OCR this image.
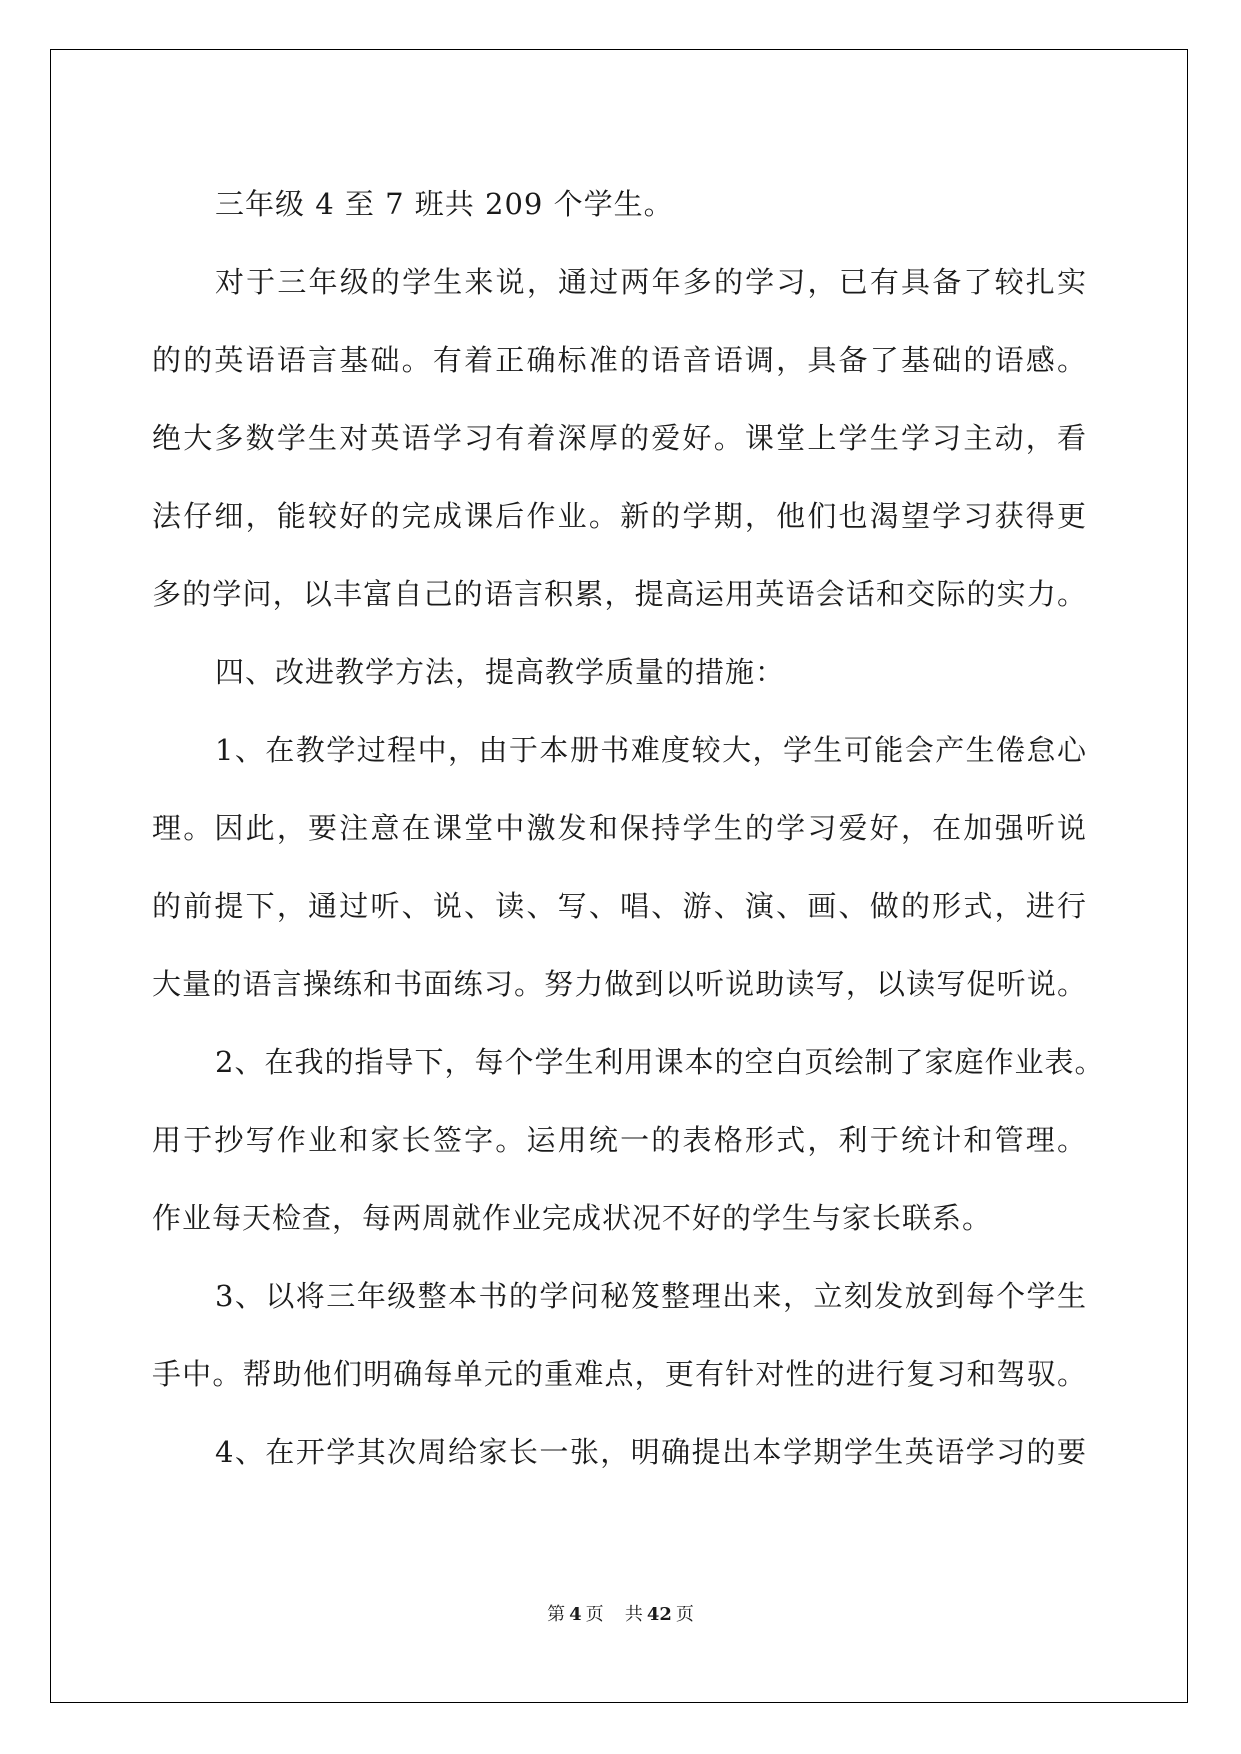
三年级 4 至 7 班共 209 个学生。

对于三年级的学生来说，通过两年多的学习，已有具备了较扎实

的的英语语言基础。有着正确标准的语音语调，具备了基础的语感。

绝大多数学生对英语学习有着深厚的爱好。课堂上学生学习主动，看

法仔细，能较好的完成课后作业。新的学期，他们也渴望学习获得更

多的学问，以丰富自己的语言积累，提高运用英语会话和交际的实力。

四、改进教学方法，提高教学质量的措施：

1、在教学过程中，由于本册书难度较大，学生可能会产生倦怠心

理。因此，要注意在课堂中激发和保持学生的学习爱好，在加强听说

的前提下，通过听、说、读、写、唱、游、演、画、做的形式，进行

大量的语言操练和书面练习。努力做到以听说助读写，以读写促听说。

2、在我的指导下，每个学生利用课本的空白页绘制了家庭作业表。

用于抄写作业和家长签字。运用统一的表格形式，利于统计和管理。

作业每天检查，每两周就作业完成状况不好的学生与家长联系。

3、以将三年级整本书的学问秘笈整理出来，立刻发放到每个学生

手中。帮助他们明确每单元的重难点，更有针对性的进行复习和驾驭。

4、在开学其次周给家长一张，明确提出本学期学生英语学习的要

第 4 页 共 42 页
